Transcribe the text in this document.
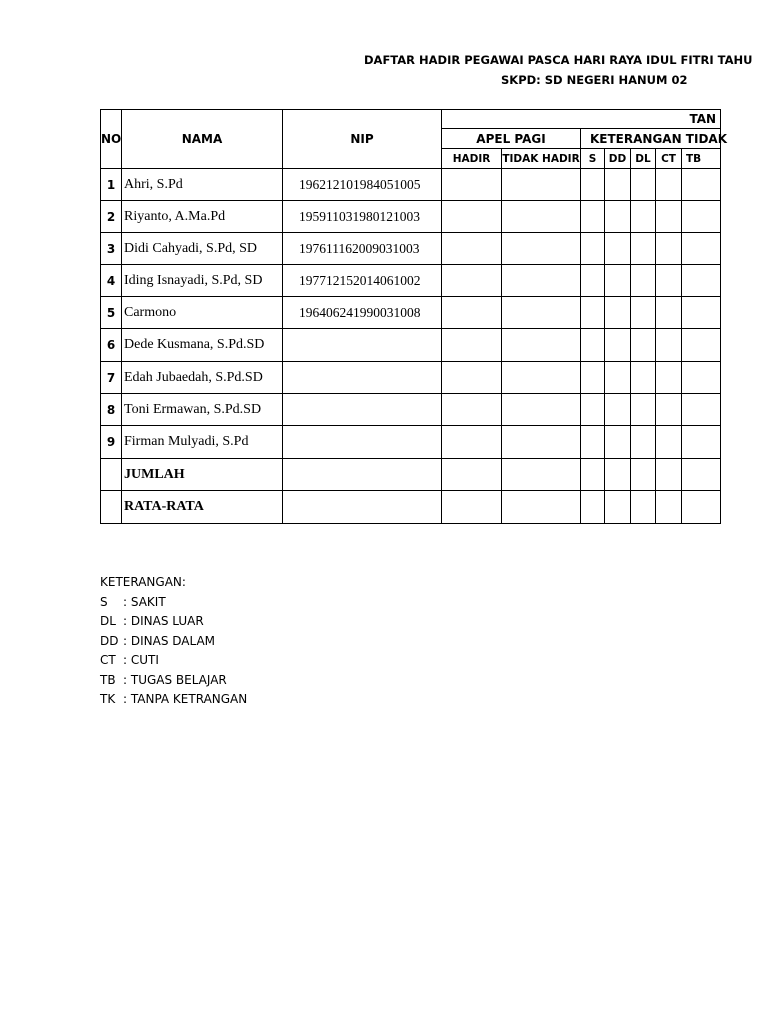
DAFTAR HADIR PEGAWAI PASCA HARI RAYA IDUL FITRI TAHU
SKPD: SD NEGERI HANUM 02
NO	NAMA	NIP	TAN						
			APEL PAGI		KETERANGAN TIDAK				
			HADIR	TIDAK HADIR	S	DD	DL	CT	TB
1	Ahri, S.Pd	196212101984051005							
2	Riyanto, A.Ma.Pd	195911031980121003							
3	Didi Cahyadi, S.Pd, SD	197611162009031003							
4	Iding Isnayadi, S.Pd, SD	197712152014061002							
5	Carmono	196406241990031008							
6	Dede Kusmana, S.Pd.SD								
7	Edah Jubaedah, S.Pd.SD								
8	Toni Ermawan, S.Pd.SD								
9	Firman Mulyadi, S.Pd								
	JUMLAH								
	RATA-RATA								
KETERANGAN:
S	: SAKIT
DL : DINAS LUAR
DD : DINAS DALAM
CT : CUTI
TB : TUGAS BELAJAR
TK : TANPA KETRANGAN
